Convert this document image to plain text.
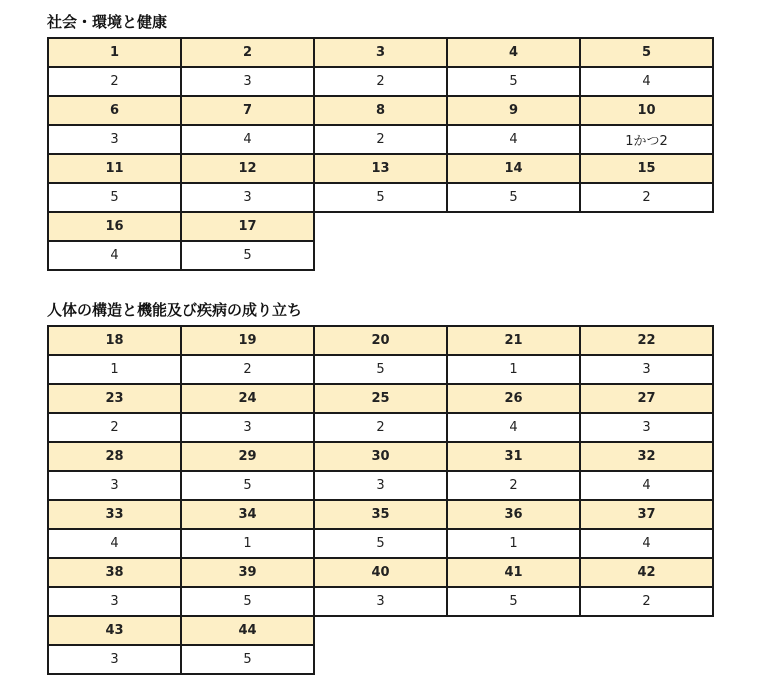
社会・環境と健康
1	2	3	4	5
2	3	2	5	4
6	7	8	9	10
3	4	2	4	1かつ2
11	12	13	14	15
5	3	5	5	2
16	17			
4	5			
人体の構造と機能及び疾病の成り立ち
18	19	20	21	22
1	2	5	1	3
23	24	25	26	27
2	3	2	4	3
28	29	30	31	32
3	5	3	2	4
33	34	35	36	37
4	1	5	1	4
38	39	40	41	42
3	5	3	5	2
43	44			
3	5			
